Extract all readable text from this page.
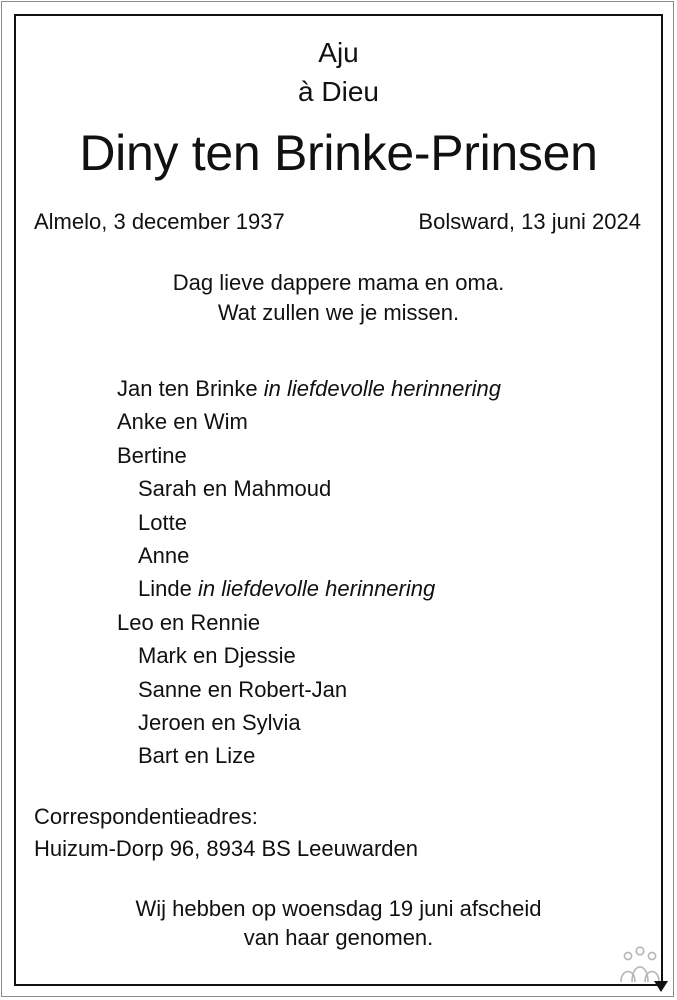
Aju
à Dieu
Diny ten Brinke-Prinsen
Almelo, 3 december 1937	Bolsward, 13 juni 2024
Dag lieve dappere mama en oma.
Wat zullen we je missen.
Jan ten Brinke in liefdevolle herinnering
Anke en Wim
Bertine
Sarah en Mahmoud
Lotte
Anne
Linde in liefdevolle herinnering
Leo en Rennie
Mark en Djessie
Sanne en Robert-Jan
Jeroen en Sylvia
Bart en Lize
Correspondentieadres:
Huizum-Dorp 96, 8934 BS Leeuwarden
Wij hebben op woensdag 19 juni afscheid
van haar genomen.
